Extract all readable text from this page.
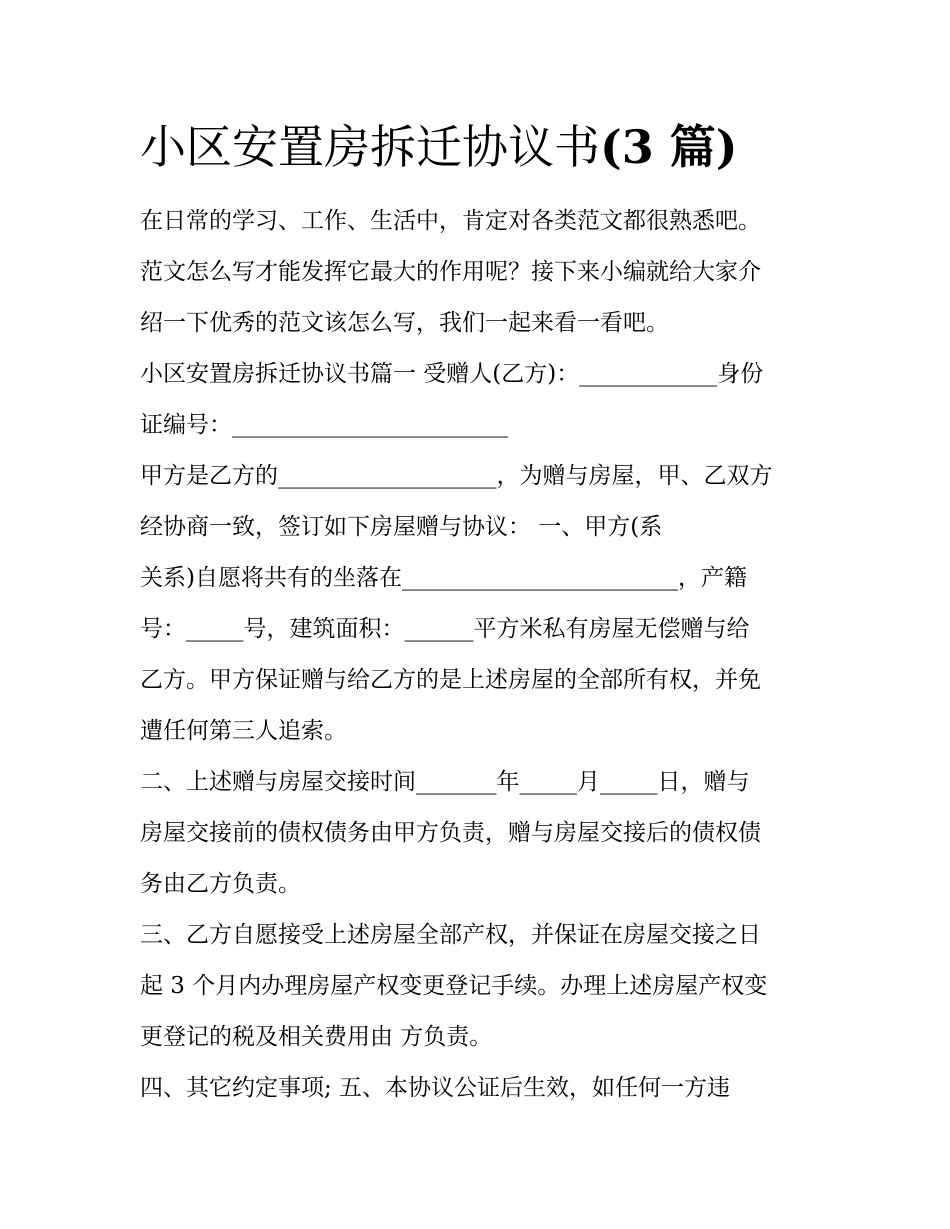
小区安置房拆迁协议书(3 篇)
在日常的学习、工作、生活中，肯定对各类范文都很熟悉吧。
范文怎么写才能发挥它最大的作用呢？接下来小编就给大家介
绍一下优秀的范文该怎么写，我们一起来看一看吧。
小区安置房拆迁协议书篇一 受赠人(乙方)：____________身份
证编号：________________________
甲方是乙方的___________________，为赠与房屋，甲、乙双方
经协商一致，签订如下房屋赠与协议： 一、甲方(系
关系)自愿将共有的坐落在________________________，产籍
号：_____号，建筑面积：______平方米私有房屋无偿赠与给
乙方。甲方保证赠与给乙方的是上述房屋的全部所有权，并免
遭任何第三人追索。
二、上述赠与房屋交接时间_______年_____月_____日，赠与
房屋交接前的债权债务由甲方负责，赠与房屋交接后的债权债
务由乙方负责。
三、乙方自愿接受上述房屋全部产权，并保证在房屋交接之日
起 3 个月内办理房屋产权变更登记手续。办理上述房屋产权变
更登记的税及相关费用由 方负责。
四、其它约定事项; 五、本协议公证后生效，如任何一方违
